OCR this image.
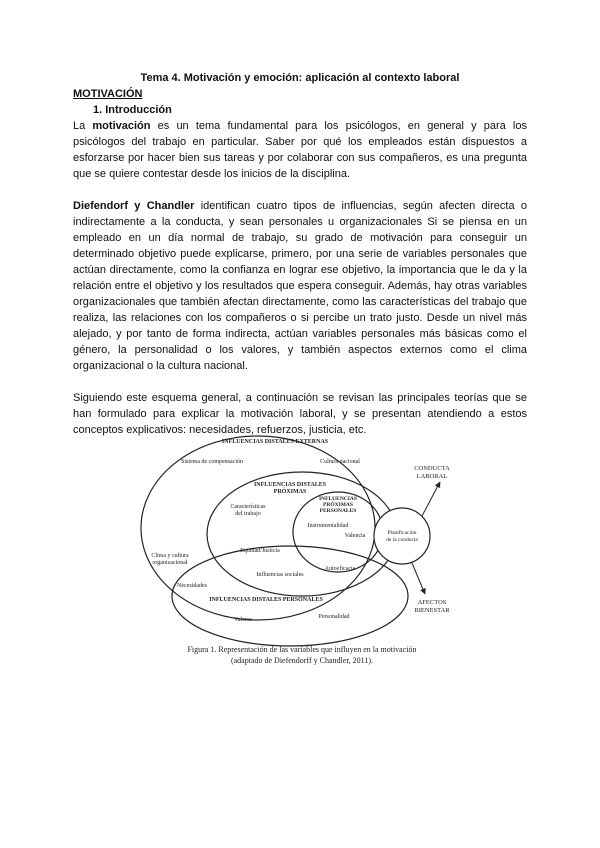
Tema 4. Motivación y emoción: aplicación al contexto laboral

MOTIVACIÓN

1. Introducción

La motivación es un tema fundamental para los psicólogos, en general y para los psicólogos del trabajo en particular. Saber por qué los empleados están dispuestos a esforzarse por hacer bien sus tareas y por colaborar con sus compañeros, es una pregunta que se quiere contestar desde los inicios de la disciplina.

Diefendorf y Chandler identifican cuatro tipos de influencias, según afecten directa o indirectamente a la conducta, y sean personales u organizacionales Si se piensa en un empleado en un día normal de trabajo, su grado de motivación para conseguir un determinado objetivo puede explicarse, primero, por una serie de variables personales que actúan directamente, como la confianza en lograr ese objetivo, la importancia que le da y la relación entre el objetivo y los resultados que espera conseguir. Además, hay otras variables organizacionales que también afectan directamente, como las características del trabajo que realiza, las relaciones con los compañeros o si percibe un trato justo. Desde un nivel más alejado, y por tanto de forma indirecta, actúan variables personales más básicas como el género, la personalidad o los valores, y también aspectos externos como el clima organizacional o la cultura nacional.

Siguiendo este esquema general, a continuación se revisan las principales teorías que se han formulado para explicar la motivación laboral, y se presentan atendiendo a estos conceptos explicativos: necesidades, refuerzos, justicia, etc.

INFLUENCIAS DISTALES EXTERNAS
Sistema de compensación	Cultura nacional
Clima y cultura
organizacional
INFLUENCIAS DISTALES
PRÓXIMAS
Características
del trabajo
Equidad/Justicia
Influencias sociales
INFLUENCIAS
PRÓXIMAS
PERSONALES
Instrumentalidad
Valencia
Autoeficacia
Planificación
de la conducta
CONDUCTA
LABORAL
AFECTOS
BIENESTAR
Necesidades
INFLUENCIAS DISTALES PERSONALES
Valores	Personalidad
Figura 1. Representación de las variables que influyen en la motivación
(adaptado de Diefendorff y Chandler, 2011).
